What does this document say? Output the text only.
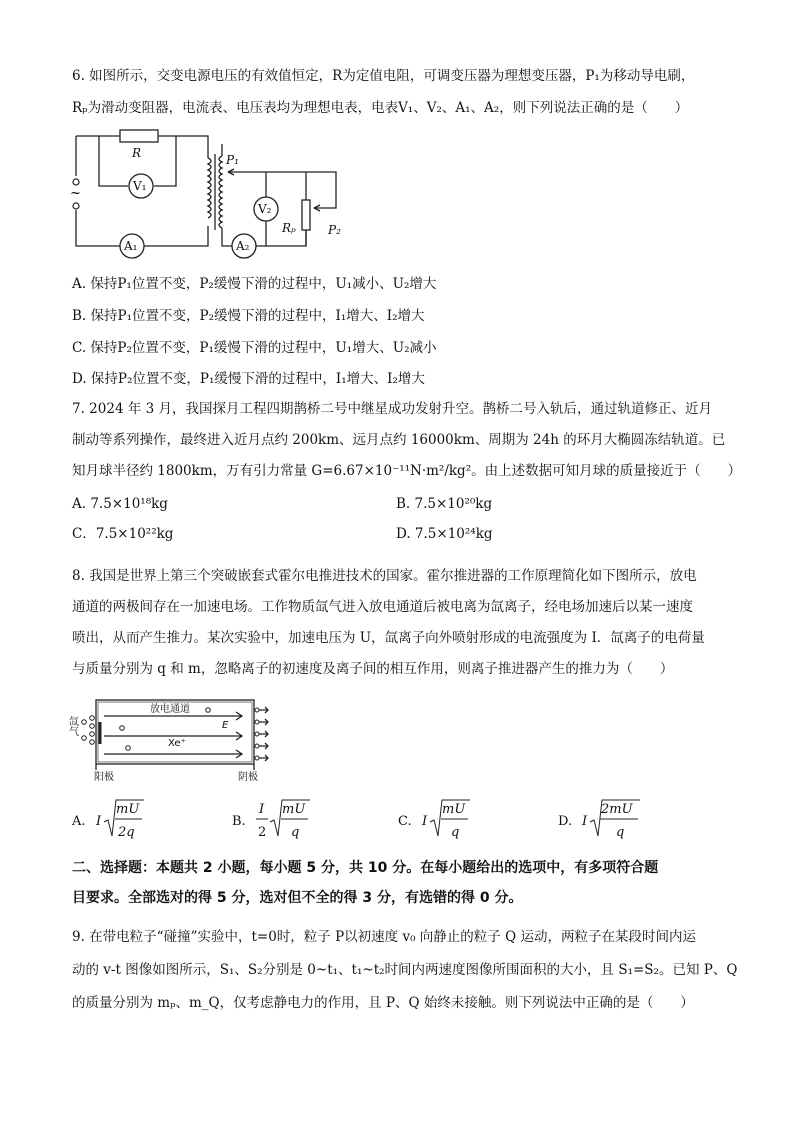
6. 如图所示，交变电源电压的有效值恒定，R为定值电阻，可调变压器为理想变压器，P₁为移动导电刷，
Rₚ为滑动变阻器，电流表、电压表均为理想电表，电表V₁、V₂、A₁、A₂，则下列说法正确的是（　　）
~
R
V₁
A₁	A₂
V₂
P₁
Rₚ	P₂
A. 保持P₁位置不变，P₂缓慢下滑的过程中，U₁减小、U₂增大
B. 保持P₁位置不变，P₂缓慢下滑的过程中，I₁增大、I₂增大
C. 保持P₂位置不变，P₁缓慢下滑的过程中，U₁增大、U₂减小
D. 保持P₂位置不变，P₁缓慢下滑的过程中，I₁增大、I₂增大
7. 2024 年 3 月，我国探月工程四期鹊桥二号中继星成功发射升空。鹊桥二号入轨后，通过轨道修正、近月
制动等系列操作，最终进入近月点约 200km、远月点约 16000km、周期为 24h 的环月大椭圆冻结轨道。已
知月球半径约 1800km，万有引力常量 G=6.67×10⁻¹¹N·m²/kg²。由上述数据可知月球的质量接近于（　　）
A. 7.5×10¹⁸kg	B. 7.5×10²⁰kg
C．7.5×10²²kg	D. 7.5×10²⁴kg
8. 我国是世界上第三个突破嵌套式霍尔电推进技术的国家。霍尔推进器的工作原理简化如下图所示，放电
通道的两极间存在一加速电场。工作物质氙气进入放电通道后被电离为氙离子，经电场加速后以某一速度
喷出，从而产生推力。某次实验中，加速电压为 U，氙离子向外喷射形成的电流强度为 I．氙离子的电荷量
与质量分别为 q 和 m，忽略离子的初速度及离子间的相互作用，则离子推进器产生的推力为（　　）
放电通道
E
Xe⁺
氙气
阳极	阴极
A. I
mU
2q
B.
I
2
mU
q
C. I
mU
q
D. I
2mU
q
二、选择题：本题共 2 小题，每小题 5 分，共 10 分。在每小题给出的选项中，有多项符合题
目要求。全部选对的得 5 分，选对但不全的得 3 分，有选错的得 0 分。
9. 在带电粒子“碰撞”实验中，t=0时，粒子 P以初速度 v₀ 向静止的粒子 Q 运动，两粒子在某段时间内运
动的 v-t 图像如图所示，S₁、S₂分别是 0~t₁、t₁~t₂时间内两速度图像所围面积的大小，且 S₁=S₂。已知 P、Q
的质量分别为 mₚ、m_Q，仅考虑静电力的作用，且 P、Q 始终未接触。则下列说法中正确的是（　　）
